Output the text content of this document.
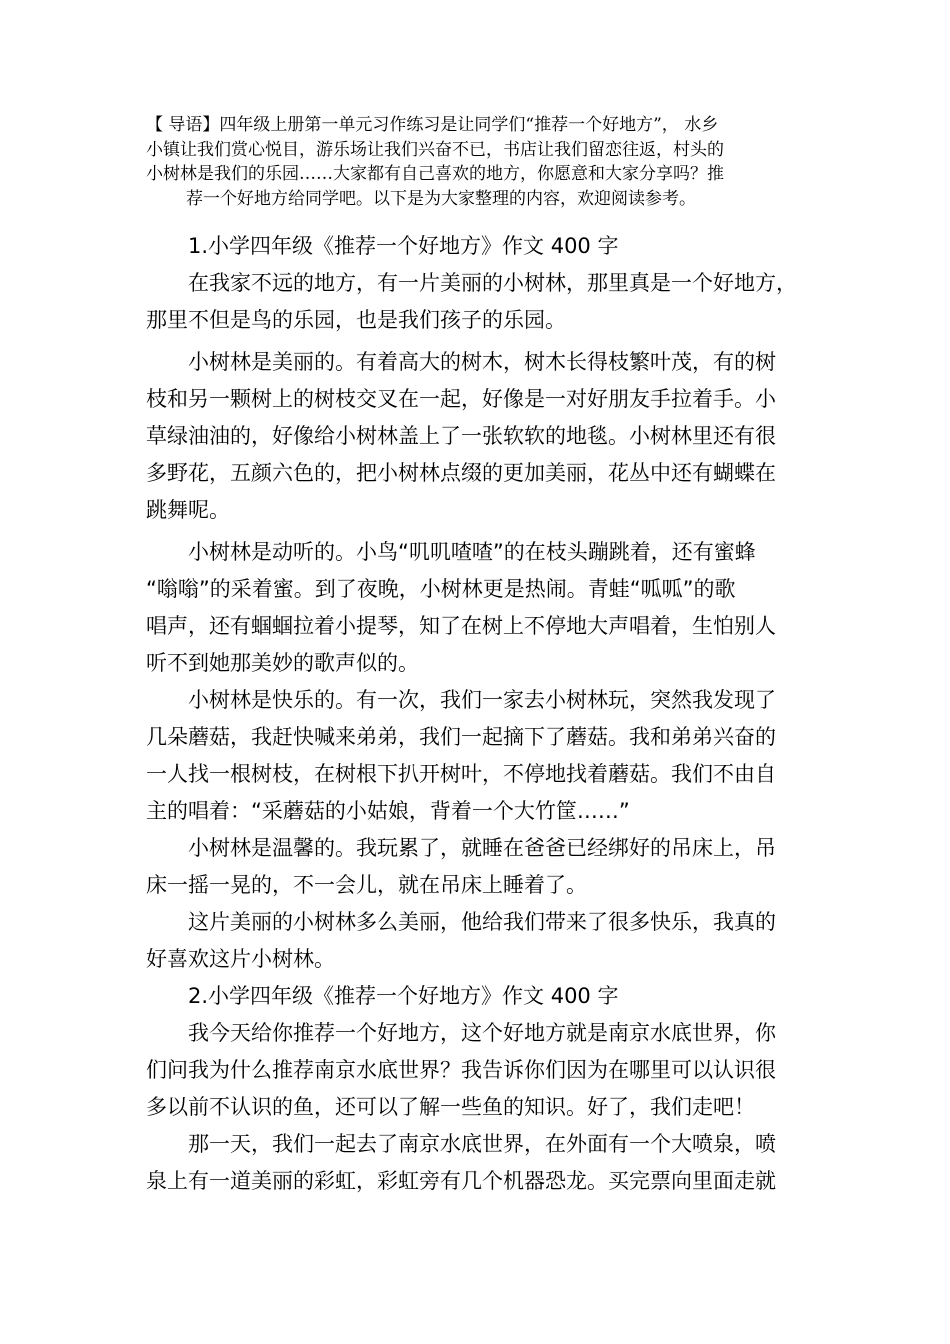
【 导语】四年级上册第一单元习作练习是让同学们“推荐一个好地方”， 水乡
小镇让我们赏心悦目，游乐场让我们兴奋不已，书店让我们留恋往返，村头的
小树林是我们的乐园……大家都有自己喜欢的地方，你愿意和大家分享吗？推
荐一个好地方给同学吧。以下是为大家整理的内容，欢迎阅读参考。
1.小学四年级《推荐一个好地方》作文 400 字
在我家不远的地方，有一片美丽的小树林，那里真是一个好地方，
那里不但是鸟的乐园，也是我们孩子的乐园。
小树林是美丽的。有着高大的树木，树木长得枝繁叶茂，有的树
枝和另一颗树上的树枝交叉在一起，好像是一对好朋友手拉着手。小
草绿油油的，好像给小树林盖上了一张软软的地毯。小树林里还有很
多野花，五颜六色的，把小树林点缀的更加美丽，花丛中还有蝴蝶在
跳舞呢。
小树林是动听的。小鸟“叽叽喳喳”的在枝头蹦跳着，还有蜜蜂
“嗡嗡”的采着蜜。到了夜晚，小树林更是热闹。青蛙“呱呱”的歌
唱声，还有蝈蝈拉着小提琴，知了在树上不停地大声唱着，生怕别人
听不到她那美妙的歌声似的。
小树林是快乐的。有一次，我们一家去小树林玩，突然我发现了
几朵蘑菇，我赶快喊来弟弟，我们一起摘下了蘑菇。我和弟弟兴奋的
一人找一根树枝，在树根下扒开树叶，不停地找着蘑菇。我们不由自
主的唱着：“采蘑菇的小姑娘，背着一个大竹筐……”
小树林是温馨的。我玩累了，就睡在爸爸已经绑好的吊床上，吊
床一摇一晃的，不一会儿，就在吊床上睡着了。
这片美丽的小树林多么美丽，他给我们带来了很多快乐，我真的
好喜欢这片小树林。
2.小学四年级《推荐一个好地方》作文 400 字
我今天给你推荐一个好地方，这个好地方就是南京水底世界，你
们问我为什么推荐南京水底世界？我告诉你们因为在哪里可以认识很
多以前不认识的鱼，还可以了解一些鱼的知识。好了，我们走吧！
那一天，我们一起去了南京水底世界，在外面有一个大喷泉，喷
泉上有一道美丽的彩虹，彩虹旁有几个机器恐龙。买完票向里面走就
